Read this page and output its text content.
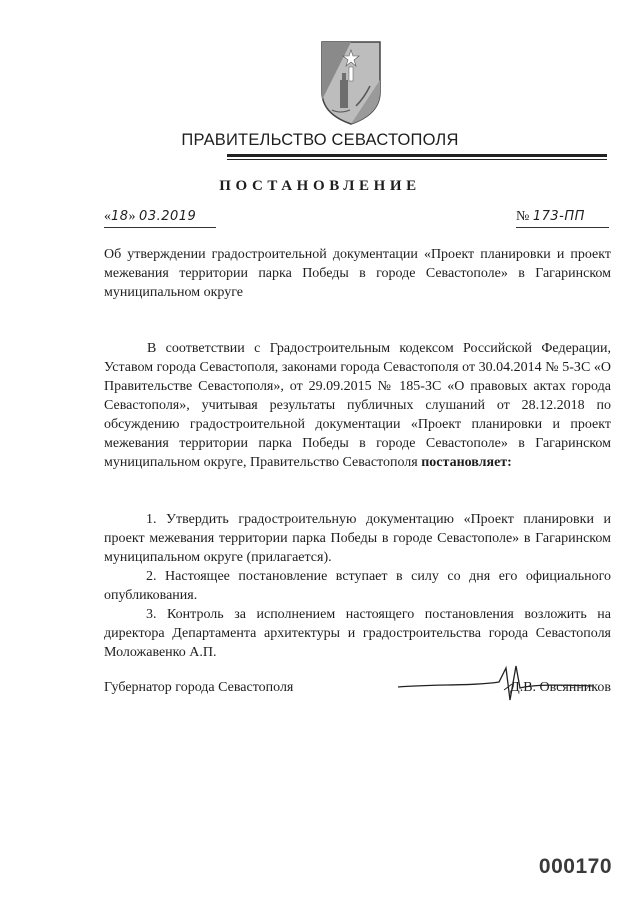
ПРАВИТЕЛЬСТВО СЕВАСТОПОЛЯ
ПОСТАНОВЛЕНИЕ
«18» 03.2019	№ 173-ПП
Об утверждении градостроительной документации «Проект планировки и проект межевания территории парка Победы в городе Севастополе» в Гагаринском муниципальном округе
В соответствии с Градостроительным кодексом Российской Федерации, Уставом города Севастополя, законами города Севастополя от 30.04.2014 № 5-ЗС «О Правительстве Севастополя», от 29.09.2015 № 185-ЗС «О правовых актах города Севастополя», учитывая результаты публичных слушаний от 28.12.2018 по обсуждению градостроительной документации «Проект планировки и проект межевания территории парка Победы в городе Севастополе» в Гагаринском муниципальном округе, Правительство Севастополя постановляет:
1. Утвердить градостроительную документацию «Проект планировки и проект межевания территории парка Победы в городе Севастополе» в Гагаринском муниципальном округе (прилагается).
2. Настоящее постановление вступает в силу со дня его официального опубликования.
3. Контроль за исполнением настоящего постановления возложить на директора Департамента архитектуры и градостроительства города Севастополя Моложавенко А.П.
Губернатор города Севастополя	Д.В. Овсянников
000170
